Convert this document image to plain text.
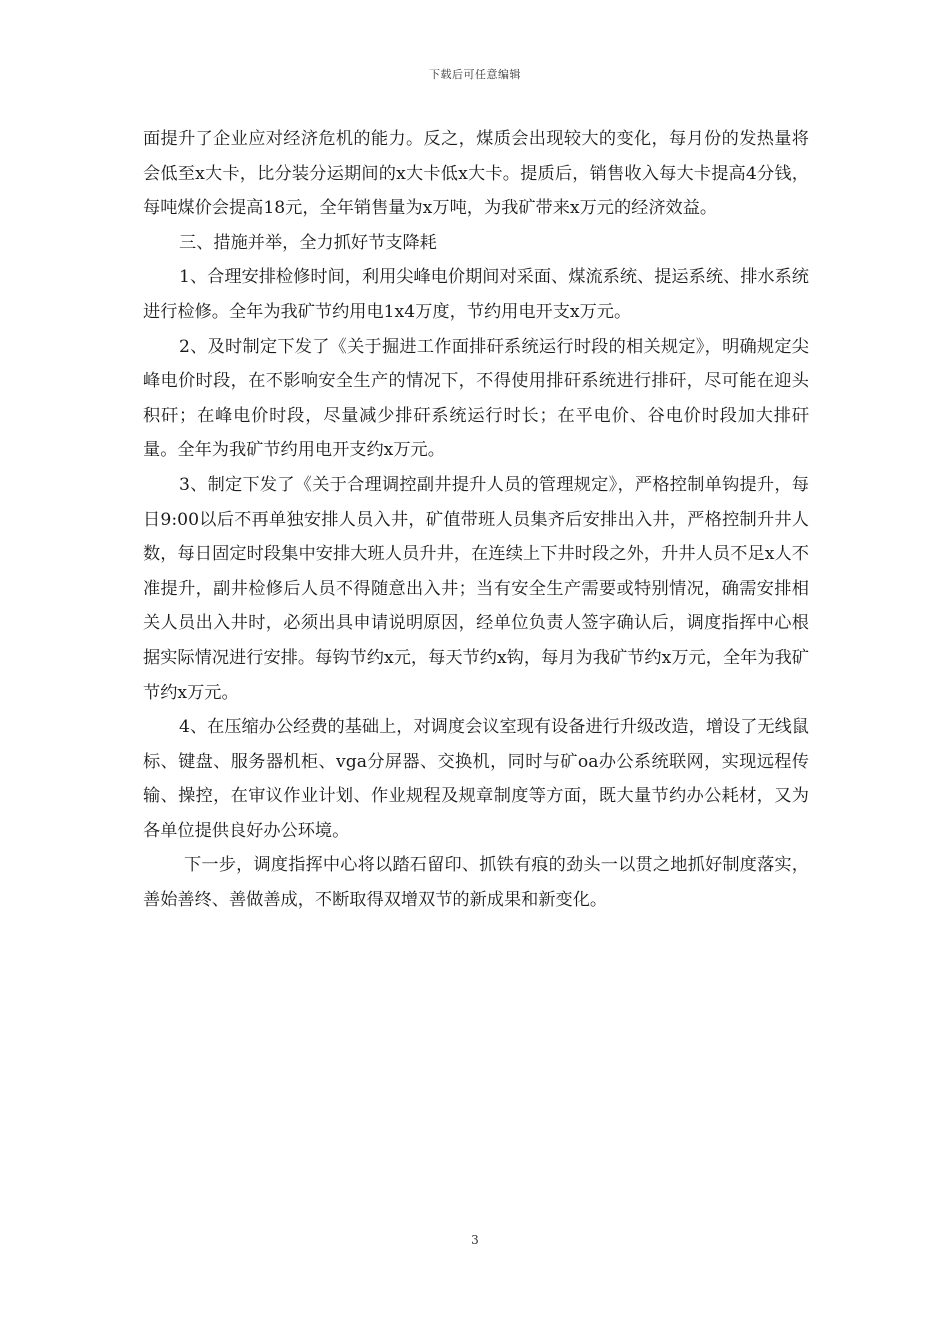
下载后可任意编辑

面提升了企业应对经济危机的能力。反之，煤质会出现较大的变化，每月份的发热量将会低至x大卡，比分装分运期间的x大卡低x大卡。提质后，销售收入每大卡提高4分钱，每吨煤价会提高18元，全年销售量为x万吨，为我矿带来x万元的经济效益。

三、措施并举，全力抓好节支降耗

1、合理安排检修时间，利用尖峰电价期间对采面、煤流系统、提运系统、排水系统进行检修。全年为我矿节约用电1x4万度，节约用电开支x万元。

2、及时制定下发了《关于掘进工作面排矸系统运行时段的相关规定》，明确规定尖峰电价时段，在不影响安全生产的情况下，不得使用排矸系统进行排矸，尽可能在迎头积矸；在峰电价时段，尽量减少排矸系统运行时长；在平电价、谷电价时段加大排矸量。全年为我矿节约用电开支约x万元。

3、制定下发了《关于合理调控副井提升人员的管理规定》，严格控制单钩提升，每日9:00以后不再单独安排人员入井，矿值带班人员集齐后安排出入井，严格控制升井人数，每日固定时段集中安排大班人员升井，在连续上下井时段之外，升井人员不足x人不准提升，副井检修后人员不得随意出入井；当有安全生产需要或特别情况，确需安排相关人员出入井时，必须出具申请说明原因，经单位负责人签字确认后，调度指挥中心根据实际情况进行安排。每钩节约x元，每天节约x钩，每月为我矿节约x万元，全年为我矿节约x万元。

4、在压缩办公经费的基础上，对调度会议室现有设备进行升级改造，增设了无线鼠标、键盘、服务器机柜、vga分屏器、交换机，同时与矿oa办公系统联网，实现远程传输、操控，在审议作业计划、作业规程及规章制度等方面，既大量节约办公耗材，又为各单位提供良好办公环境。

下一步，调度指挥中心将以踏石留印、抓铁有痕的劲头一以贯之地抓好制度落实，善始善终、善做善成，不断取得双增双节的新成果和新变化。

3
